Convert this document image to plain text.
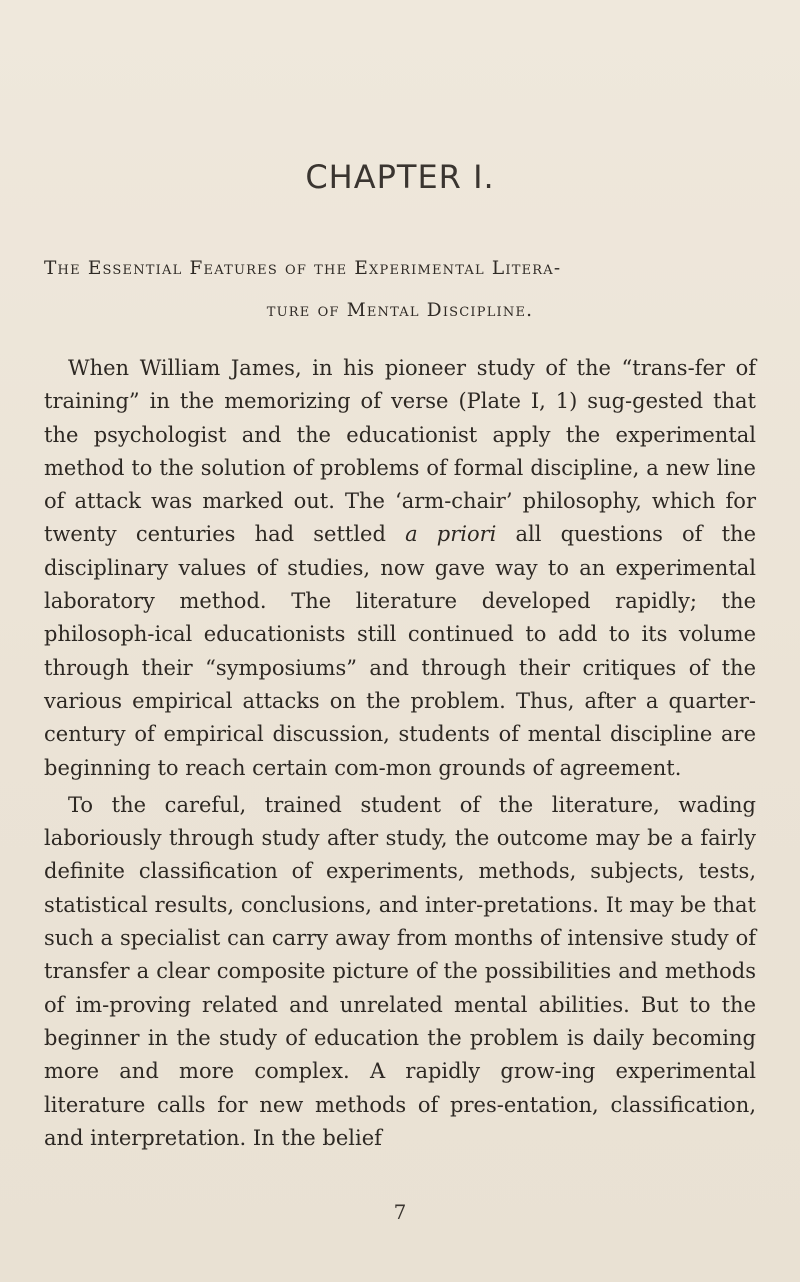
CHAPTER I.
The Essential Features of the Experimental Litera-
ture of Mental Discipline.

When William James, in his pioneer study of the “trans-fer of training” in the memorizing of verse (Plate I, 1) sug-gested that the psychologist and the educationist apply the experimental method to the solution of problems of formal discipline, a new line of attack was marked out. The ‘arm-chair’ philosophy, which for twenty centuries had settled a priori all questions of the disciplinary values of studies, now gave way to an experimental laboratory method. The literature developed rapidly; the philosoph-ical educationists still continued to add to its volume through their “symposiums” and through their critiques of the various empirical attacks on the problem. Thus, after a quarter-century of empirical discussion, students of mental discipline are beginning to reach certain com-mon grounds of agreement.

To the careful, trained student of the literature, wading laboriously through study after study, the outcome may be a fairly definite classification of experiments, methods, subjects, tests, statistical results, conclusions, and inter-pretations. It may be that such a specialist can carry away from months of intensive study of transfer a clear composite picture of the possibilities and methods of im-proving related and unrelated mental abilities. But to the beginner in the study of education the problem is daily becoming more and more complex. A rapidly grow-ing experimental literature calls for new methods of pres-entation, classification, and interpretation. In the belief

7
